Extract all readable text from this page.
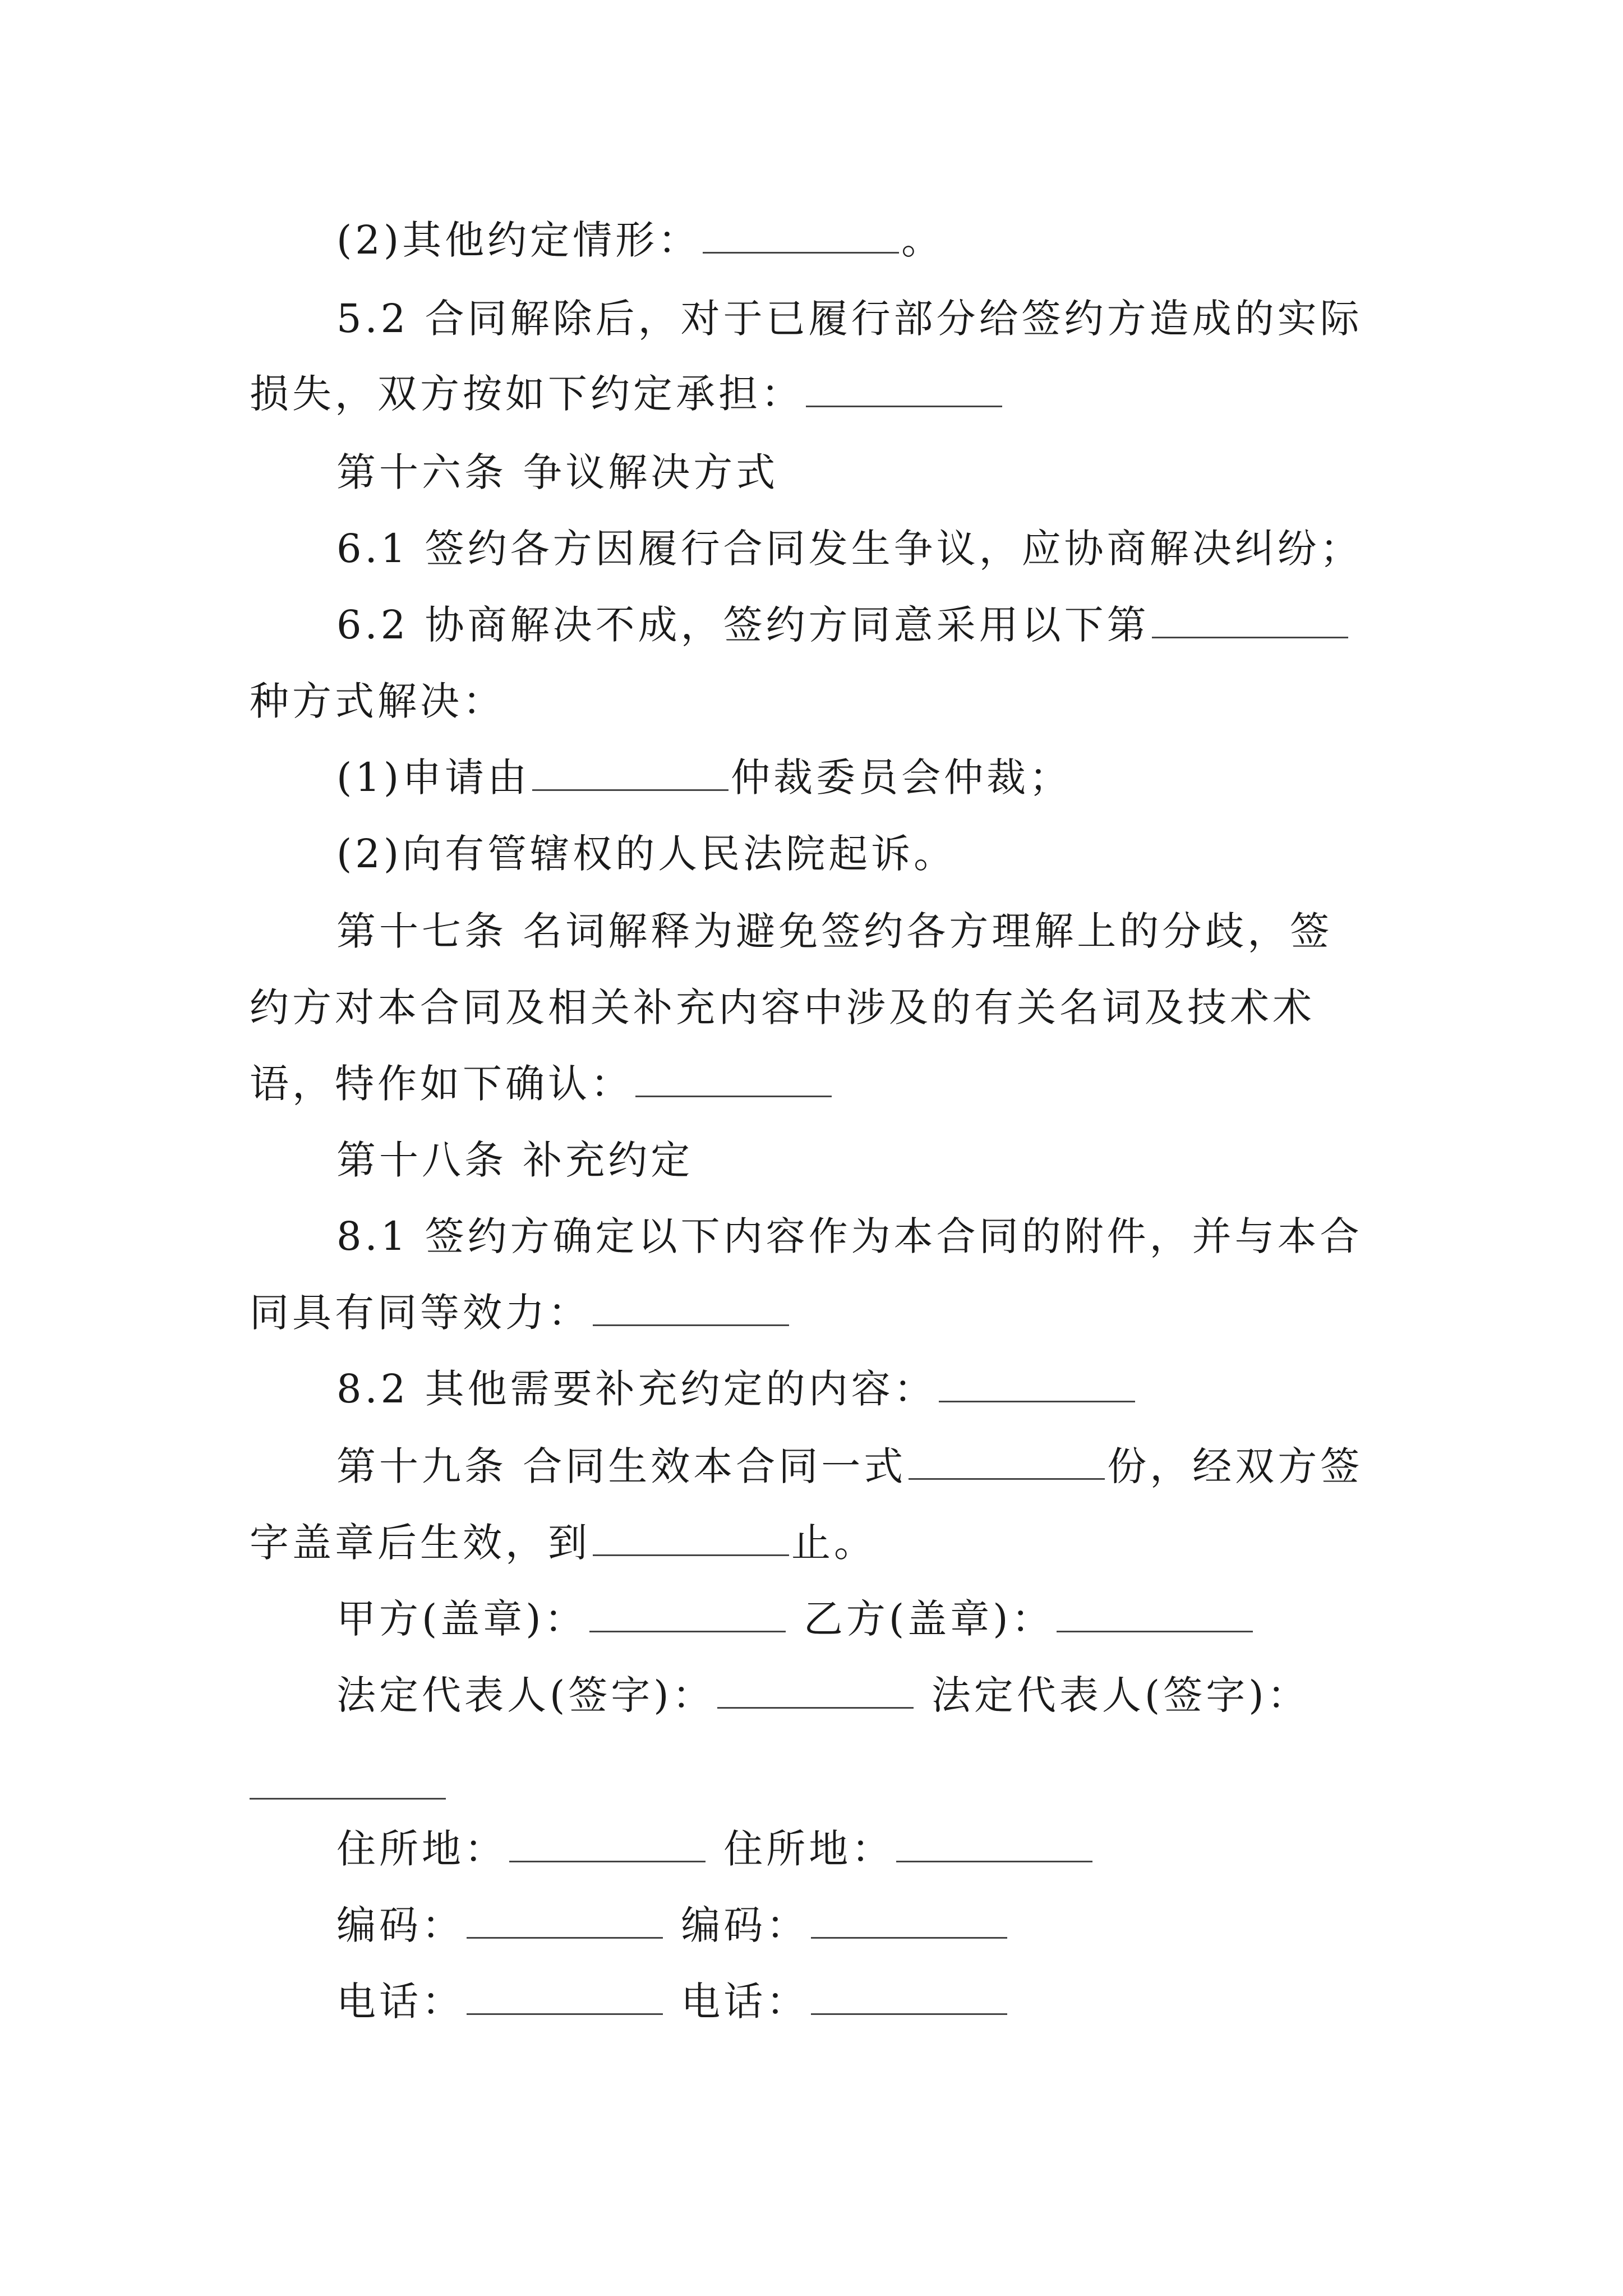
(2)其他约定情形：	。
5.2 合同解除后，对于已履行部分给签约方造成的实际
损失，双方按如下约定承担：
第十六条 争议解决方式
6.1 签约各方因履行合同发生争议，应协商解决纠纷；
6.2 协商解决不成，签约方同意采用以下第
种方式解决：
(1)申请由	仲裁委员会仲裁；
(2)向有管辖权的人民法院起诉。
第十七条 名词解释为避免签约各方理解上的分歧，签
约方对本合同及相关补充内容中涉及的有关名词及技术术
语，特作如下确认：
第十八条 补充约定
8.1 签约方确定以下内容作为本合同的附件，并与本合
同具有同等效力：
8.2 其他需要补充约定的内容：
第十九条 合同生效本合同一式	份，经双方签
字盖章后生效，到	止。
甲方(盖章)：	乙方(盖章)：
法定代表人(签字)：	法定代表人(签字)：
住所地：	住所地：
编码：	编码：
电话：	电话：
